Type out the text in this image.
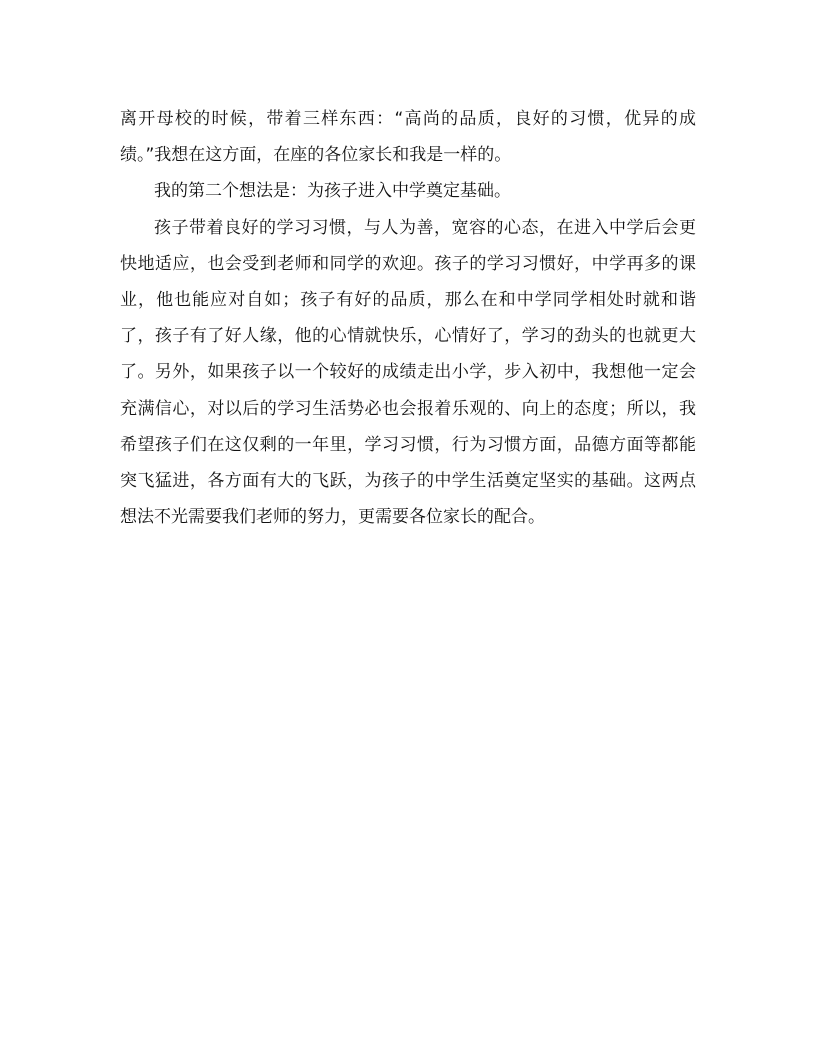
离开母校的时候，带着三样东西：“高尚的品质，良好的习惯，优异的成绩。”我想在这方面，在座的各位家长和我是一样的。

我的第二个想法是：为孩子进入中学奠定基础。

孩子带着良好的学习习惯，与人为善，宽容的心态，在进入中学后会更快地适应，也会受到老师和同学的欢迎。孩子的学习习惯好，中学再多的课业，他也能应对自如；孩子有好的品质，那么在和中学同学相处时就和谐了，孩子有了好人缘，他的心情就快乐，心情好了，学习的劲头的也就更大了。另外，如果孩子以一个较好的成绩走出小学，步入初中，我想他一定会充满信心，对以后的学习生活势必也会报着乐观的、向上的态度；所以，我希望孩子们在这仅剩的一年里，学习习惯，行为习惯方面，品德方面等都能突飞猛进，各方面有大的飞跃，为孩子的中学生活奠定坚实的基础。这两点想法不光需要我们老师的努力，更需要各位家长的配合。
